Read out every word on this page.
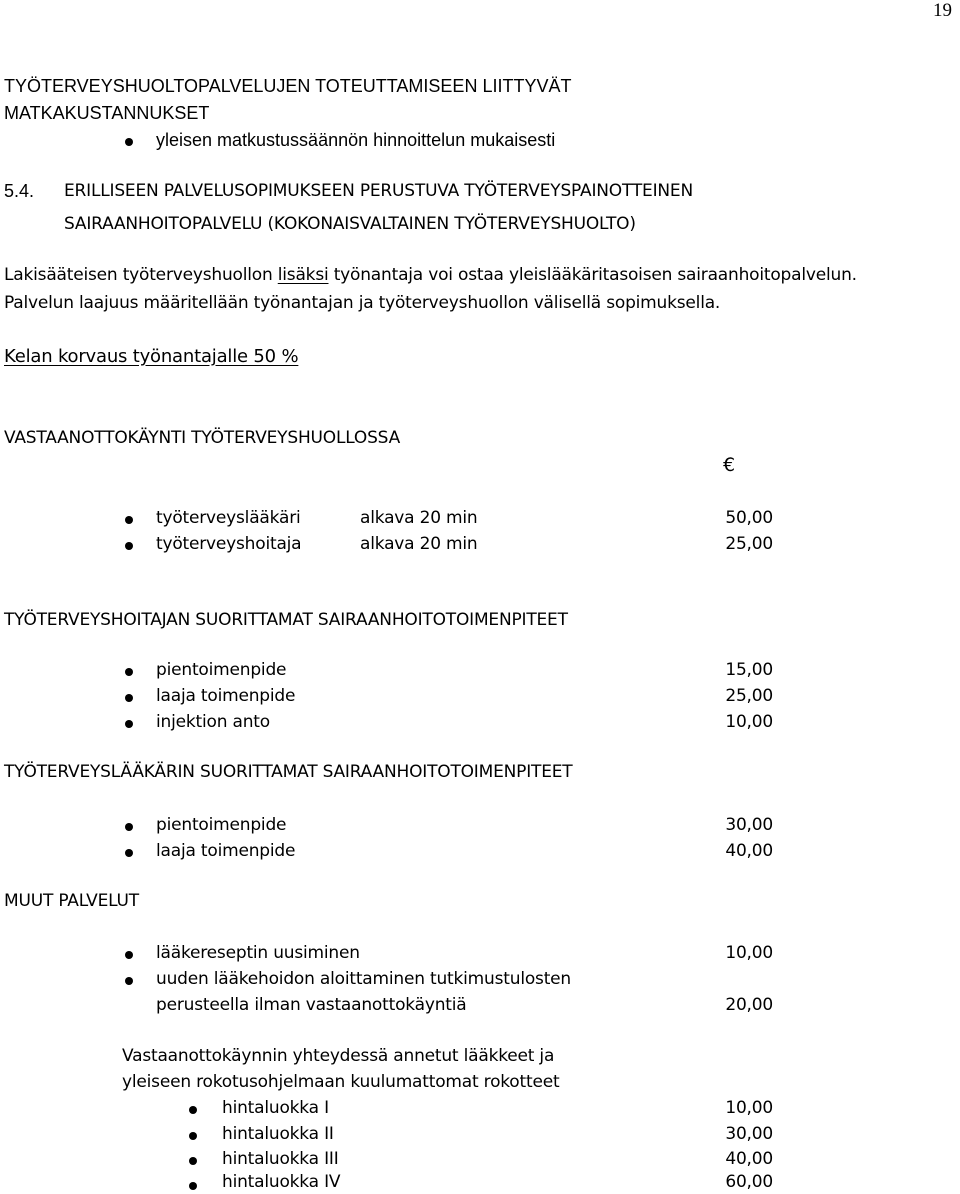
19
TYÖTERVEYSHUOLTOPALVELUJEN TOTEUTTAMISEEN LIITTYVÄT
MATKAKUSTANNUKSET
yleisen matkustussäännön hinnoittelun mukaisesti
5.4. ERILLISEEN PALVELUSOPIMUKSEEN PERUSTUVA TYÖTERVEYSPAINOTTEINEN
SAIRAANHOITOPALVELU (KOKONAISVALTAINEN TYÖTERVEYSHUOLTO)
Lakisääteisen työterveyshuollon lisäksi työnantaja voi ostaa yleislääkäritasoisen sairaanhoitopalvelun.
Palvelun laajuus määritellään työnantajan ja työterveyshuollon välisellä sopimuksella.
Kelan korvaus työnantajalle 50 %
VASTAANOTTOKÄYNTI TYÖTERVEYSHUOLLOSSA
€
työterveyslääkäri	alkava 20 min	50,00
työterveyshoitaja	alkava 20 min	25,00
TYÖTERVEYSHOITAJAN SUORITTAMAT SAIRAANHOITOTOIMENPITEET
pientoimenpide	15,00
laaja toimenpide	25,00
injektion anto	10,00
TYÖTERVEYSLÄÄKÄRIN SUORITTAMAT SAIRAANHOITOTOIMENPITEET
pientoimenpide	30,00
laaja toimenpide	40,00
MUUT PALVELUT
lääkereseptin uusiminen	10,00
uuden lääkehoidon aloittaminen tutkimustulosten
perusteella ilman vastaanottokäyntiä	20,00
Vastaanottokäynnin yhteydessä annetut lääkkeet ja
yleiseen rokotusohjelmaan kuulumattomat rokotteet
hintaluokka I	10,00
hintaluokka II	30,00
hintaluokka III	40,00
hintaluokka IV	60,00
